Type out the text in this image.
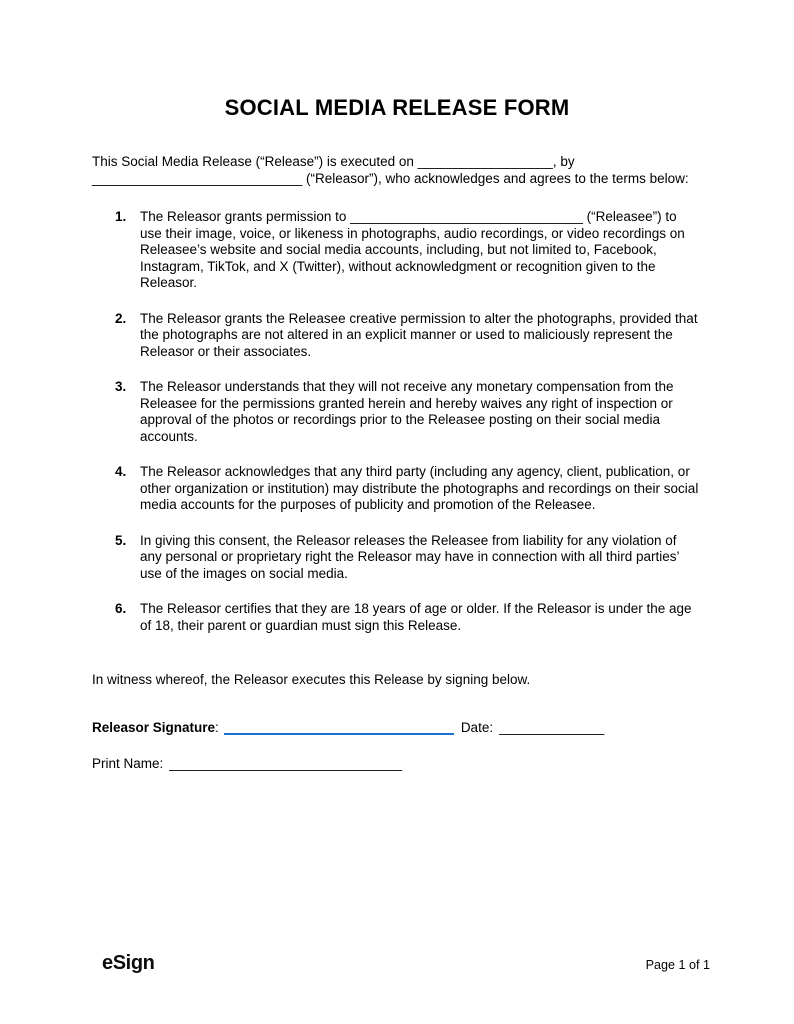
SOCIAL MEDIA RELEASE FORM

This Social Media Release (“Release”) is executed on __________________, by ____________________________ (“Releasor”), who acknowledges and agrees to the terms below:

1.	The Releasor grants permission to _______________________________ (“Releasee”) to use their image, voice, or likeness in photographs, audio recordings, or video recordings on Releasee’s website and social media accounts, including, but not limited to, Facebook, Instagram, TikTok, and X (Twitter), without acknowledgment or recognition given to the Releasor.
2.	The Releasor grants the Releasee creative permission to alter the photographs, provided that the photographs are not altered in an explicit manner or used to maliciously represent the Releasor or their associates.
3.	The Releasor understands that they will not receive any monetary compensation from the Releasee for the permissions granted herein and hereby waives any right of inspection or approval of the photos or recordings prior to the Releasee posting on their social media accounts.
4.	The Releasor acknowledges that any third party (including any agency, client, publication, or other organization or institution) may distribute the photographs and recordings on their social media accounts for the purposes of publicity and promotion of the Releasee.
5.	In giving this consent, the Releasor releases the Releasee from liability for any violation of any personal or proprietary right the Releasor may have in connection with all third parties’ use of the images on social media.
6.	The Releasor certifies that they are 18 years of age or older. If the Releasor is under the age of 18, their parent or guardian must sign this Release.

In witness whereof, the Releasor executes this Release by signing below.

Releasor Signature:	Date: ______________
Print Name: _______________________________
eSign	Page 1 of 1
